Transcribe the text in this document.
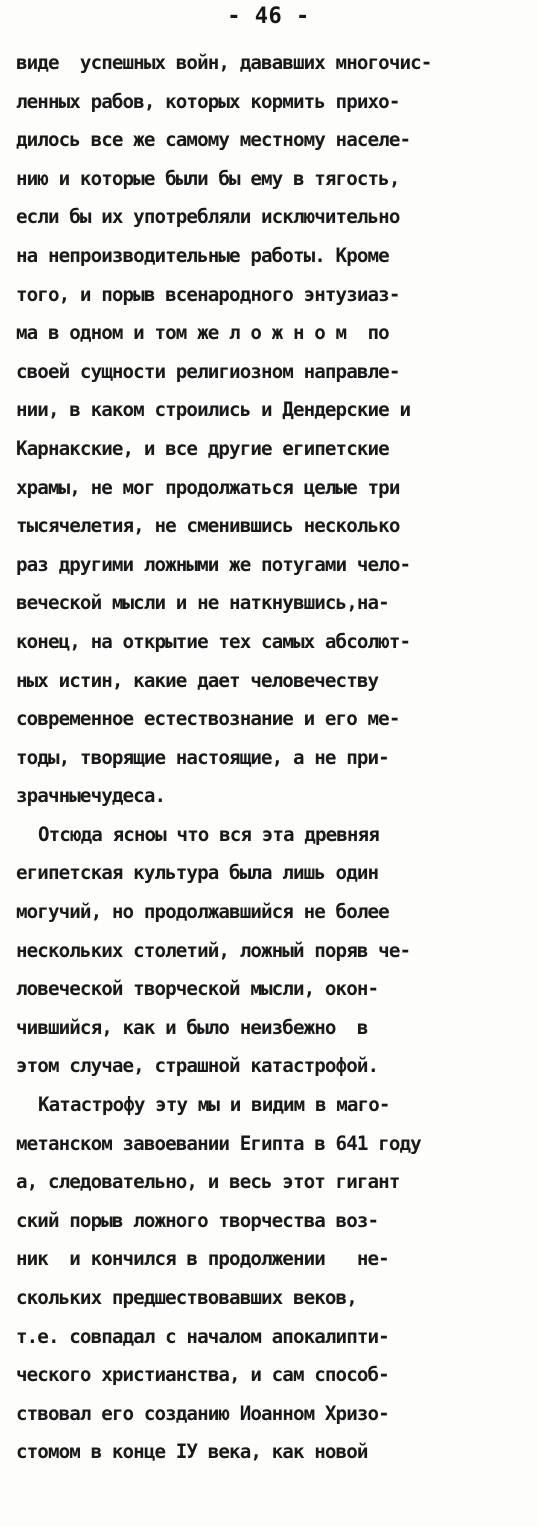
- 46 -
виде  успешных войн, дававших многочис-
ленных рабов, которых кормить прихо-
дилось все же самому местному населе-
нию и которые были бы ему в тягость,
если бы их употребляли исключительно
на непроизводительные работы. Кроме
того, и порыв всенародного энтузиаз-
ма в одном и том же л о ж н о м  по
своей сущности религиозном направле-
нии, в каком строились и Дендерские и
Карнакские, и все другие египетские
храмы, не мог продолжаться целые три
тысячелетия, не сменившись несколько
раз другими ложными же потугами чело-
веческой мысли и не наткнувшись,на-
конец, на открытие тех самых абсолют-
ных истин, какие дает человечеству
современное естествознание и его ме-
тоды, творящие настоящие, а не при-
зрачныечудеса.
Отсюда ясноы что вся эта древняя
египетская культура была лишь один
могучий, но продолжавшийся не более
нескольких столетий, ложный поряв че-
ловеческой творческой мысли, окон-
чившийся, как и было неизбежно  в
этом случае, страшной катастрофой.
Катастрофу эту мы и видим в маго-
метанском завоевании Египта в 641 году
а, следовательно, и весь этот гигант
ский порыв ложного творчества воз-
ник  и кончился в продолжении   не-
скольких предшествовавших веков,
т.е. совпадал с началом апокалипти-
ческого христианства, и сам способ-
ствовал его созданию Иоанном Хризо-
стомом в конце IУ века, как новой
